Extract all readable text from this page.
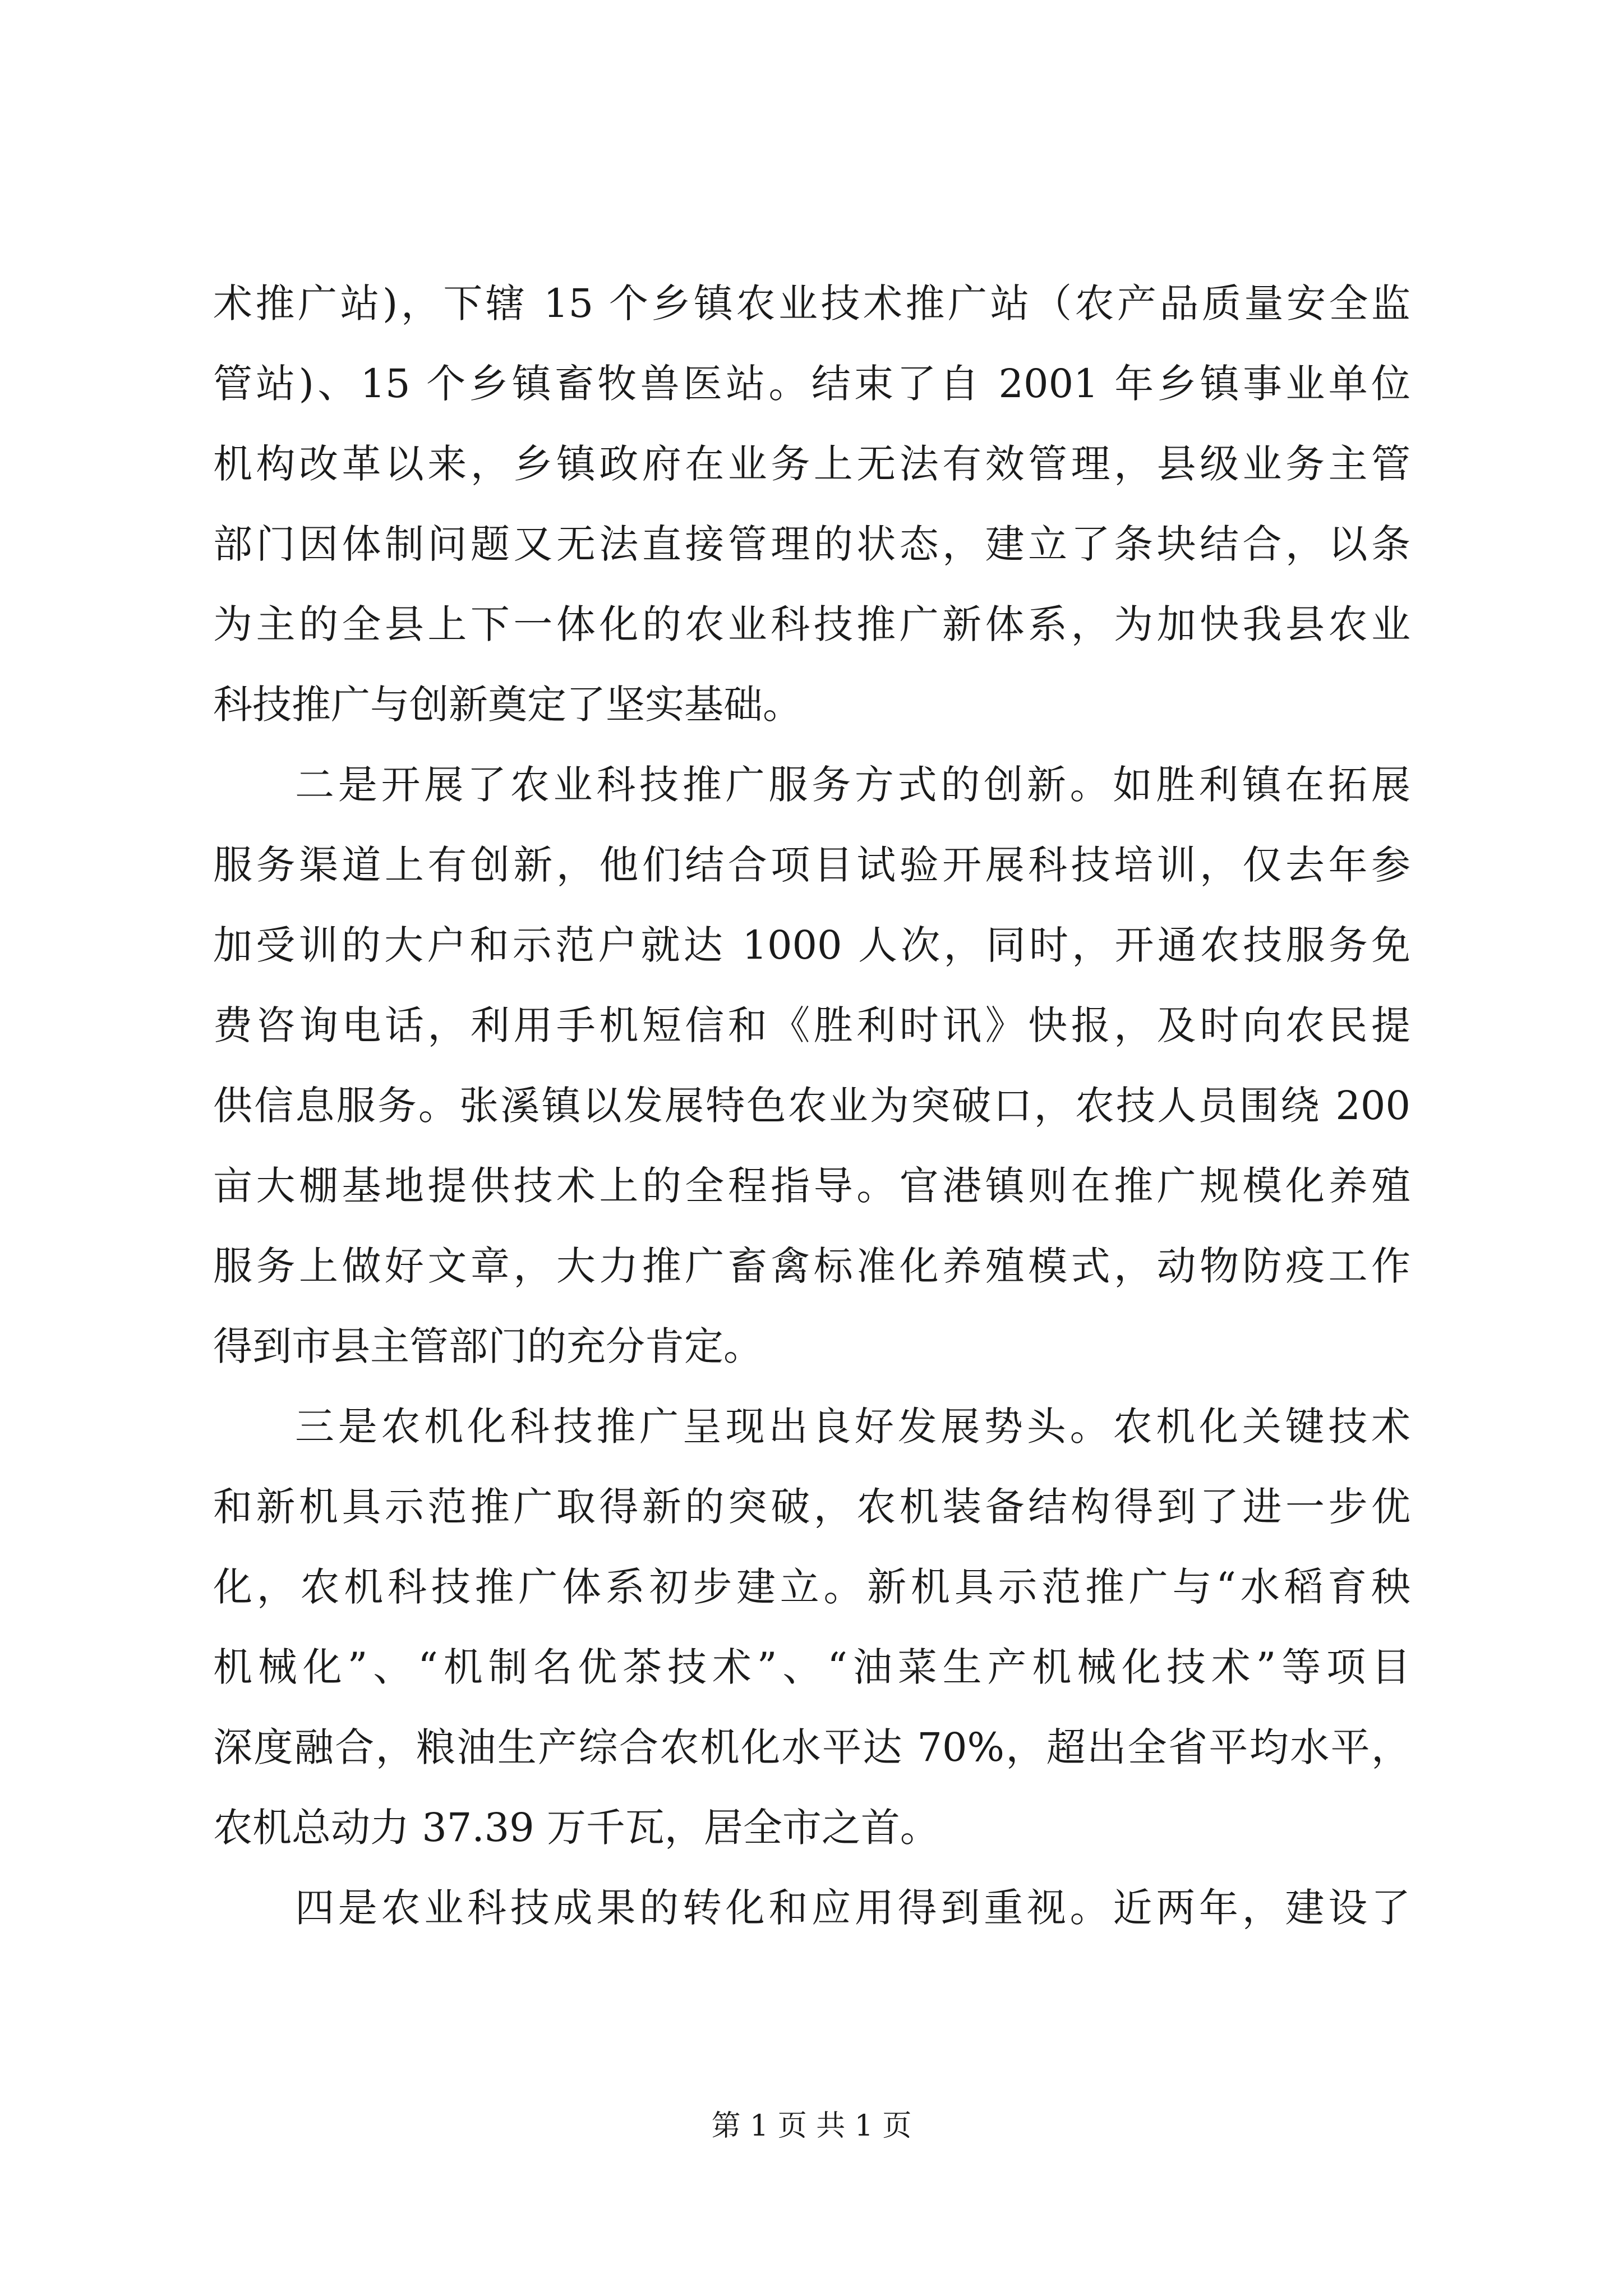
术推广站)，下辖 15 个乡镇农业技术推广站（农产品质量安全监
管站)、15 个乡镇畜牧兽医站。结束了自 2001 年乡镇事业单位
机构改革以来，乡镇政府在业务上无法有效管理，县级业务主管
部门因体制问题又无法直接管理的状态，建立了条块结合，以条
为主的全县上下一体化的农业科技推广新体系，为加快我县农业
科技推广与创新奠定了坚实基础。
二是开展了农业科技推广服务方式的创新。如胜利镇在拓展
服务渠道上有创新，他们结合项目试验开展科技培训，仅去年参
加受训的大户和示范户就达 1000 人次，同时，开通农技服务免
费咨询电话，利用手机短信和《胜利时讯》快报，及时向农民提
供信息服务。张溪镇以发展特色农业为突破口，农技人员围绕 200
亩大棚基地提供技术上的全程指导。官港镇则在推广规模化养殖
服务上做好文章，大力推广畜禽标准化养殖模式，动物防疫工作
得到市县主管部门的充分肯定。
三是农机化科技推广呈现出良好发展势头。农机化关键技术
和新机具示范推广取得新的突破，农机装备结构得到了进一步优
化，农机科技推广体系初步建立。新机具示范推广与“水稻育秧
机械化”、“机制名优茶技术”、“油菜生产机械化技术”等项目
深度融合，粮油生产综合农机化水平达 70%，超出全省平均水平，
农机总动力 37.39 万千瓦，居全市之首。
四是农业科技成果的转化和应用得到重视。近两年，建设了
第 1 页 共 1 页
